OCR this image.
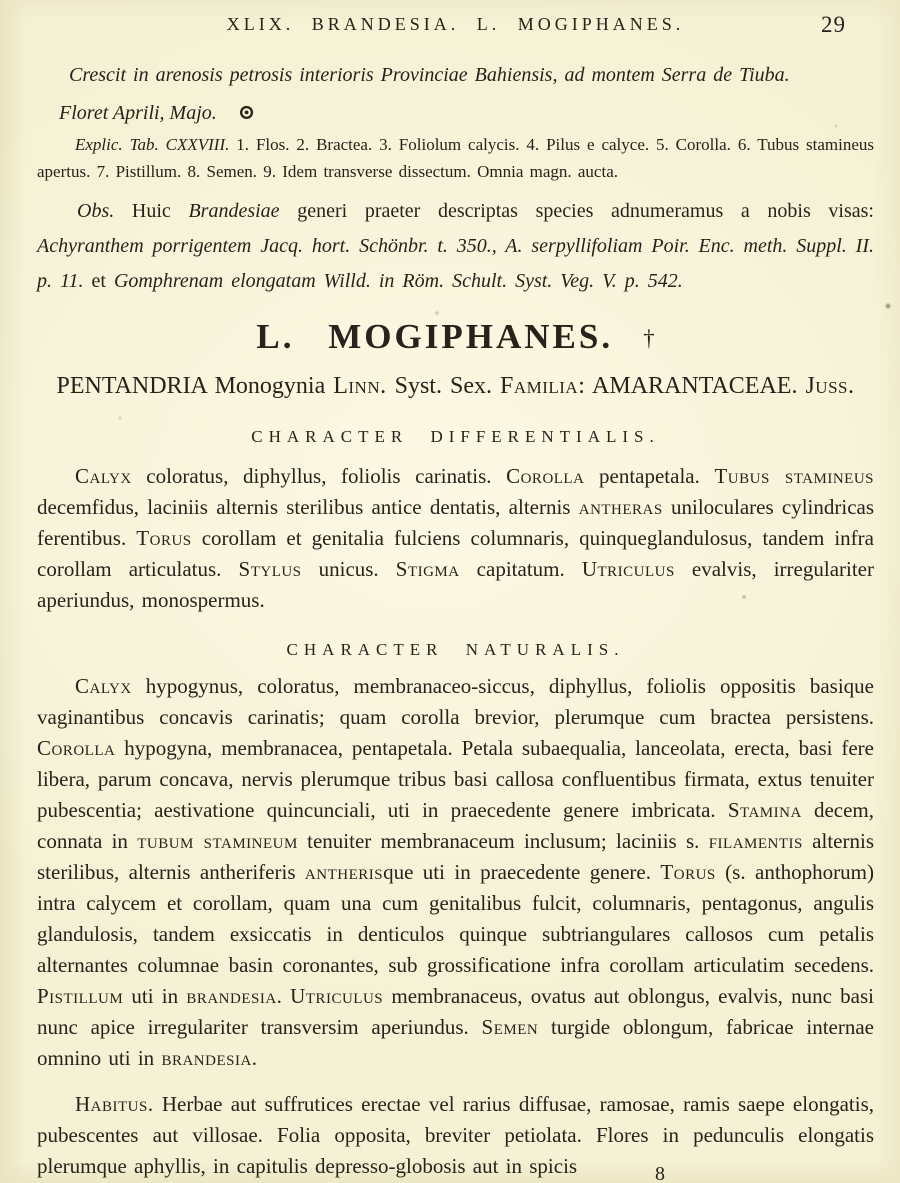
XLIX. BRANDESIA. L. MOGIPHANES.	29

Crescit in arenosis petrosis interioris Provinciae Bahiensis, ad montem Serra de Tiuba.

Floret Aprili, Majo. ⊙

Explic. Tab. CXXVIII. 1. Flos. 2. Bractea. 3. Foliolum calycis. 4. Pilus e calyce. 5. Corolla. 6. Tubus stamineus apertus. 7. Pistillum. 8. Semen. 9. Idem transverse dissectum. Omnia magn. aucta.

Obs. Huic Brandesiae generi praeter descriptas species adnumeramus a nobis visas: Achyranthem porrigentem Jacq. hort. Schönbr. t. 350., A. serpyllifoliam Poir. Enc. meth. Suppl. II. p. 11. et Gomphrenam elongatam Willd. in Röm. Schult. Syst. Veg. V. p. 542.

L. MOGIPHANES. †

PENTANDRIA Monogynia Linn. Syst. Sex. Familia: AMARANTACEAE. Juss.

CHARACTER DIFFERENTIALIS.

Calyx coloratus, diphyllus, foliolis carinatis. Corolla pentapetala. Tubus stamineus decemfidus, laciniis alternis sterilibus antice dentatis, alternis antheras uniloculares cylindricas ferentibus. Torus corollam et genitalia fulciens columnaris, quinqueglandulosus, tandem infra corollam articulatus. Stylus unicus. Stigma capitatum. Utriculus evalvis, irregulariter aperiundus, monospermus.

CHARACTER NATURALIS.

Calyx hypogynus, coloratus, membranaceo-siccus, diphyllus, foliolis oppositis basique vaginantibus concavis carinatis; quam corolla brevior, plerumque cum bractea persistens. Corolla hypogyna, membranacea, pentapetala. Petala subaequalia, lanceolata, erecta, basi fere libera, parum concava, nervis plerumque tribus basi callosa confluentibus firmata, extus tenuiter pubescentia; aestivatione quincunciali, uti in praecedente genere imbricata. Stamina decem, connata in tubum stamineum tenuiter membranaceum inclusum; laciniis s. filamentis alternis sterilibus, alternis antheriferis antherisque uti in praecedente genere. Torus (s. anthophorum) intra calycem et corollam, quam una cum genitalibus fulcit, columnaris, pentagonus, angulis glandulosis, tandem exsiccatis in denticulos quinque subtriangulares callosos cum petalis alternantes columnae basin coronantes, sub grossificatione infra corollam articulatim secedens. Pistillum uti in brandesia. Utriculus membranaceus, ovatus aut oblongus, evalvis, nunc basi nunc apice irregulariter transversim aperiundus. Semen turgide oblongum, fabricae internae omnino uti in brandesia.

Habitus. Herbae aut suffrutices erectae vel rarius diffusae, ramosae, ramis saepe elongatis, pubescentes aut villosae. Folia opposita, breviter petiolata. Flores in pedunculis elongatis plerumque aphyllis, in capitulis depresso-globosis aut in spicis	8
